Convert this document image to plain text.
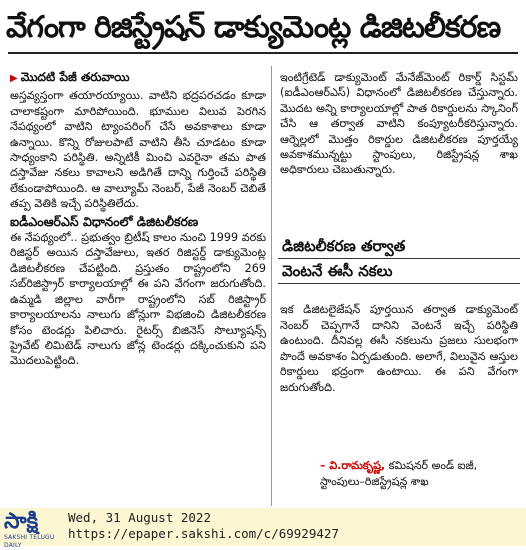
వేగంగా రిజిస్ట్రేషన్ డాక్యుమెంట్ల డిజిటలీకరణ
▶ మొదటి పేజీ తరువాయి

అస్తవ్యస్తంగా తయారయ్యాయి. వాటిని భద్రపరచడం కూడా చాలాకష్టంగా మారిపోయింది. భూముల విలువ పెరగిన నేపథ్యంలో వాటిని ట్యాంపరింగ్ చేసే అవకాశాలు కూడా ఉన్నాయి. కొన్ని రోజులపాటే వాటిని తీసి చూడటం కూడా సాధ్యంకాని పరిస్థితి. అన్నిటికీ మించి ఎవరైనా తమ పాత దస్తావేజు నకలు కావాలని అడిగితే దాన్ని గుర్తించే పరిస్థితి లేకుండాపోయింది. ఆ వాల్యూమ్ నెంబర్, పేజీ నెంబర్ చెబితే తప్ప వెతికి ఇచ్చే పరిస్థితిలేదు.

ఐడీఎంఆర్‌ఎస్ విధానంలో డిజిటలీకరణ

ఈ నేపథ్యంలో.. ప్రభుత్వం బ్రిటీష్ కాలం నుంచి 1999 వరకు రిజిస్టర్ అయిన దస్తావేజులు, ఇతర రిజిస్టర్డ్ డాక్యుమెంట్ల డిజిటలీకరణ చేపట్టింది. ప్రస్తుతం రాష్ట్రంలోని 269 సబ్‌రిజిస్ట్రార్ కార్యాలయాల్లో ఈ పని వేగంగా జరుగుతోంది. ఉమ్మడి జిల్లాల వారీగా రాష్ట్రంలోని సబ్ రిజిస్ట్రార్ కార్యాలయాలను నాలుగు జోన్లుగా విభజించి డిజిటలీకరణ కోసం టెండర్లు పిలిచారు. రైటర్స్ బిజినెస్ సొల్యూషన్స్ ప్రైవేట్ లిమిటెడ్ నాలుగు జోన్ల టెండర్లు దక్కించుకుని పని మొదలుపెట్టింది.

ఇంటిగ్రేటెడ్ డాక్యుమెంట్ మేనేజ్‌మెంట్ రికార్డ్ సిస్టమ్ (ఐడీఎంఆర్‌ఎస్) విధానంలో డిజిటలీకరణ చేస్తున్నారు. మొదట అన్ని కార్యాలయాల్లో పాత రికార్డులను స్కానింగ్ చేసి ఆ తర్వాత వాటిని కంప్యూటరీకరిస్తున్నారు. ఆర్నెల్లలో మొత్తం రికార్డుల డిజిటలీకరణ పూర్తయ్యే అవకాశమున్నట్టు స్టాంపులు, రిజిస్ట్రేషన్ల శాఖ అధికారులు చెబుతున్నారు.

డిజిటలీకరణ తర్వాత
వెంటనే ఈసీ నకలు
ఇక డిజిటలైజేషన్ పూర్తయిన తర్వాత డాక్యుమెంట్ నెంబర్ చెప్పగానే దానిని వెంటనే ఇచ్చే పరిస్థితి ఉంటుంది. దీనివల్ల ఈసీ నకలును ప్రజలు సులభంగా పొందే అవకాశం ఏర్పడుతుంది. అలాగే, విలువైన ఆస్తుల రికార్డులు భద్రంగా ఉంటాయి. ఈ పని వేగంగా జరుగుతోంది.
– వి.రామకృష్ణ, కమిషనర్ అండ్ ఐజీ,
స్టాంపులు–రిజిస్ట్రేషన్ల శాఖ
సాక్షి
SAKSHI TELUGU DAILY
Wed, 31 August 2022
https://epaper.sakshi.com/c/69929427
